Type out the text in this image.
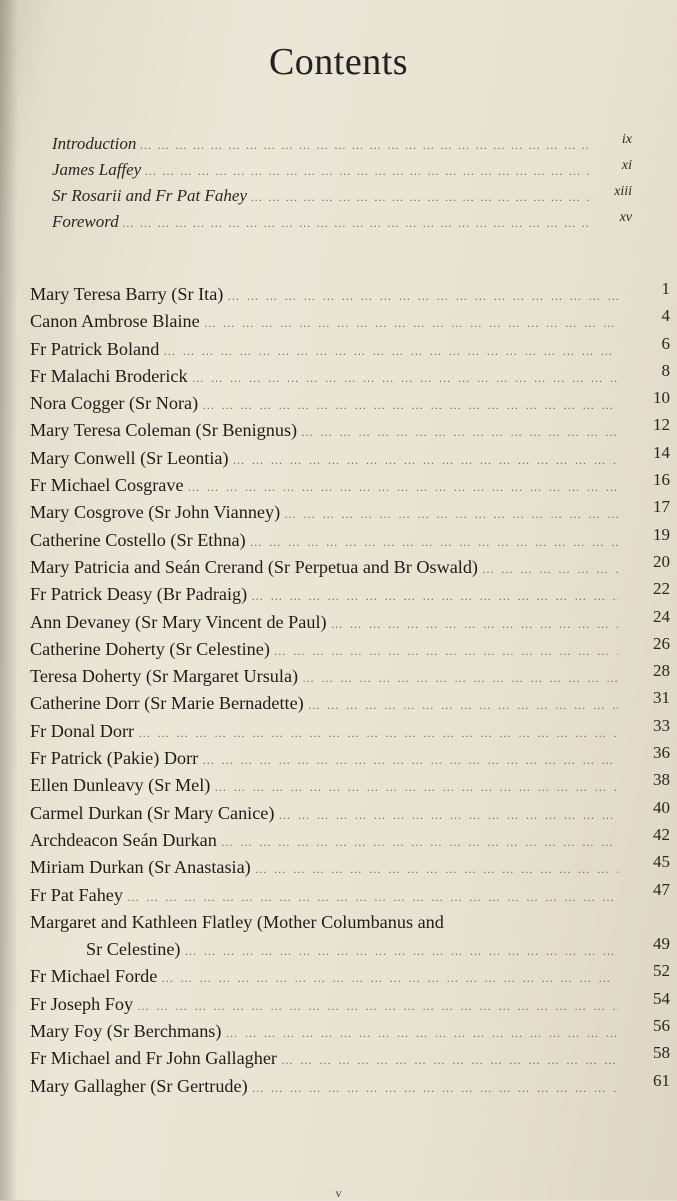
Contents
Introduction … … … … … … … … … … … … … … … … … … … … … … … … … … … … … … … … … … … …	ix
James Laffey … … … … … … … … … … … … … … … … … … … … … … … … … … … … … … … … … … … …	xi
Sr Rosarii and Fr Pat Fahey … … … … … … … … … … … … … … … … … … … … … … … … … … … … … … … … … … … …	xiii
Foreword … … … … … … … … … … … … … … … … … … … … … … … … … … … … … … … … … … … …	xv
Mary Teresa Barry (Sr Ita) … … … … … … … … … … … … … … … … … … … … … … … … … … … … … … … … … … … …	1
Canon Ambrose Blaine … … … … … … … … … … … … … … … … … … … … … … … … … … … … … … … … … … … …	4
Fr Patrick Boland … … … … … … … … … … … … … … … … … … … … … … … … … … … … … … … … … … … …	6
Fr Malachi Broderick … … … … … … … … … … … … … … … … … … … … … … … … … … … … … … … … … … … …	8
Nora Cogger (Sr Nora) … … … … … … … … … … … … … … … … … … … … … … … … … … … … … … … … … … … …	10
Mary Teresa Coleman (Sr Benignus) … … … … … … … … … … … … … … … … … … … … … … … … … … … … … … … … … … … …	12
Mary Conwell (Sr Leontia) … … … … … … … … … … … … … … … … … … … … … … … … … … … … … … … … … … … …	14
Fr Michael Cosgrave … … … … … … … … … … … … … … … … … … … … … … … … … … … … … … … … … … … …	16
Mary Cosgrove (Sr John Vianney) … … … … … … … … … … … … … … … … … … … … … … … … … … … … … … … … … … … …	17
Catherine Costello (Sr Ethna) … … … … … … … … … … … … … … … … … … … … … … … … … … … … … … … … … … … …	19
Mary Patricia and Seán Crerand (Sr Perpetua and Br Oswald) … … … … … … … … … … … … … … … … … … … … … … … … … … … … … … … … … … … …	20
Fr Patrick Deasy (Br Padraig) … … … … … … … … … … … … … … … … … … … … … … … … … … … … … … … … … … … …	22
Ann Devaney (Sr Mary Vincent de Paul) … … … … … … … … … … … … … … … … … … … … … … … … … … … … … … … … … … … …	24
Catherine Doherty (Sr Celestine) … … … … … … … … … … … … … … … … … … … … … … … … … … … … … … … … … … … …	26
Teresa Doherty (Sr Margaret Ursula) … … … … … … … … … … … … … … … … … … … … … … … … … … … … … … … … … … … …	28
Catherine Dorr (Sr Marie Bernadette) … … … … … … … … … … … … … … … … … … … … … … … … … … … … … … … … … … … …	31
Fr Donal Dorr … … … … … … … … … … … … … … … … … … … … … … … … … … … … … … … … … … … …	33
Fr Patrick (Pakie) Dorr … … … … … … … … … … … … … … … … … … … … … … … … … … … … … … … … … … … …	36
Ellen Dunleavy (Sr Mel) … … … … … … … … … … … … … … … … … … … … … … … … … … … … … … … … … … … …	38
Carmel Durkan (Sr Mary Canice) … … … … … … … … … … … … … … … … … … … … … … … … … … … … … … … … … … … …	40
Archdeacon Seán Durkan … … … … … … … … … … … … … … … … … … … … … … … … … … … … … … … … … … … …	42
Miriam Durkan (Sr Anastasia) … … … … … … … … … … … … … … … … … … … … … … … … … … … … … … … … … … … …	45
Fr Pat Fahey … … … … … … … … … … … … … … … … … … … … … … … … … … … … … … … … … … … …	47
Margaret and Kathleen Flatley (Mother Columbanus and
Sr Celestine) … … … … … … … … … … … … … … … … … … … … … … … … … … … … … … … … … … … …	49
Fr Michael Forde … … … … … … … … … … … … … … … … … … … … … … … … … … … … … … … … … … … …	52
Fr Joseph Foy … … … … … … … … … … … … … … … … … … … … … … … … … … … … … … … … … … … …	54
Mary Foy (Sr Berchmans) … … … … … … … … … … … … … … … … … … … … … … … … … … … … … … … … … … … …	56
Fr Michael and Fr John Gallagher … … … … … … … … … … … … … … … … … … … … … … … … … … … … … … … … … … … …	58
Mary Gallagher (Sr Gertrude) … … … … … … … … … … … … … … … … … … … … … … … … … … … … … … … … … … … …	61
v
